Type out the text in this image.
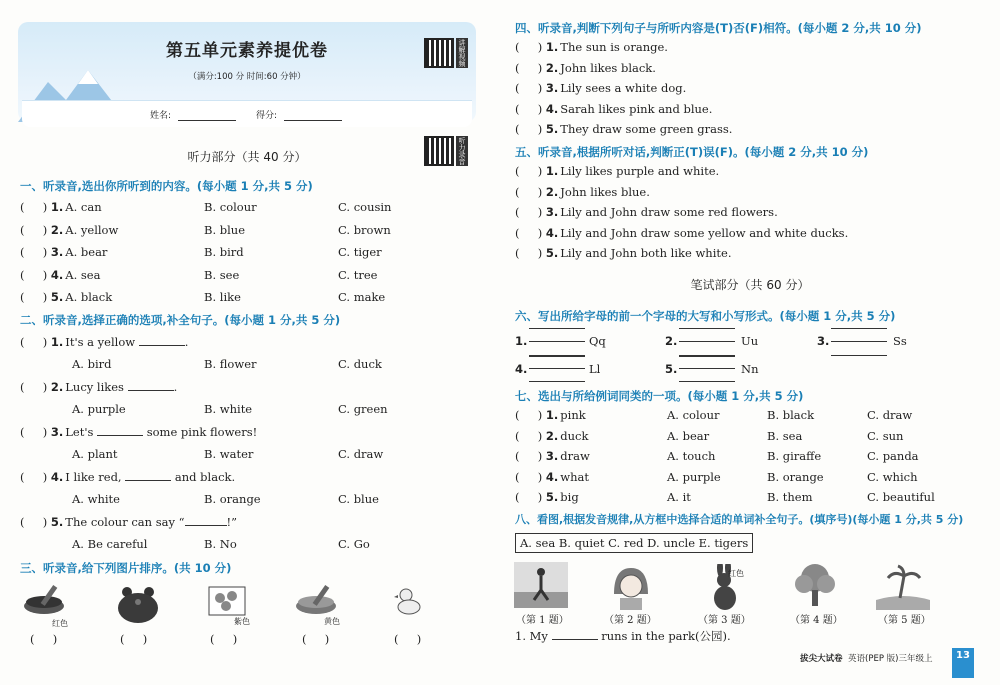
第五单元素养提优卷
（满分:100 分 时间:60 分钟）
讲解视频
姓名:	得分:
听力部分（共 40 分）	听力录音
一、听录音,选出你所听到的内容。(每小题 1 分,共 5 分)
(     ) 1. A. can	B. colour	C. cousin
(     ) 2. A. yellow	B. blue	C. brown
(     ) 3. A. bear	B. bird	C. tiger
(     ) 4. A. sea	B. see	C. tree
(     ) 5. A. black	B. like	C. make
二、听录音,选择正确的选项,补全句子。(每小题 1 分,共 5 分)
(     ) 1. It's a yellow	.
A. bird	B. flower	C. duck
(     ) 2. Lucy likes	.
A. purple	B. white	C. green
(     ) 3. Let's	some pink flowers!
A. plant	B. water	C. draw
(     ) 4. I like red,	and black.
A. white	B. orange	C. blue
(     ) 5. The colour can say “	!”
A. Be careful	B. No	C. Go
三、听录音,给下列图片排序。(共 10 分)
红色	紫色	黄色
(     )	(     )	(     )	(     )	(     )
四、听录音,判断下列句子与所听内容是(T)否(F)相符。(每小题 2 分,共 10 分)
(     ) 1. The sun is orange.
(     ) 2. John likes black.
(     ) 3. Lily sees a white dog.
(     ) 4. Sarah likes pink and blue.
(     ) 5. They draw some green grass.
五、听录音,根据所听对话,判断正(T)误(F)。(每小题 2 分,共 10 分)
(     ) 1. Lily likes purple and white.
(     ) 2. John likes blue.
(     ) 3. Lily and John draw some red flowers.
(     ) 4. Lily and John draw some yellow and white ducks.
(     ) 5. Lily and John both like white.
笔试部分（共 60 分）
六、写出所给字母的前一个字母的大写和小写形式。(每小题 1 分,共 5 分)
1.	Qq	2.	Uu	3.	Ss
4.	Ll	5.	Nn
七、选出与所给例词同类的一项。(每小题 1 分,共 5 分)
(     ) 1. pink	A. colour	B. black	C. draw
(     ) 2. duck	A. bear	B. sea	C. sun
(     ) 3. draw	A. touch	B. giraffe	C. panda
(     ) 4. what	A. purple	B. orange	C. which
(     ) 5. big	A. it	B. them	C. beautiful
八、看图,根据发音规律,从方框中选择合适的单词补全句子。(填序号)(每小题 1 分,共 5 分)
A. sea B. quiet C. red D. uncle E. tigers
红色
（第 1 题）	（第 2 题）	（第 3 题）	（第 4 题）	（第 5 题）
1. My	runs in the park(公园).
拔尖大试卷 英语(PEP 版)三年级上	13
